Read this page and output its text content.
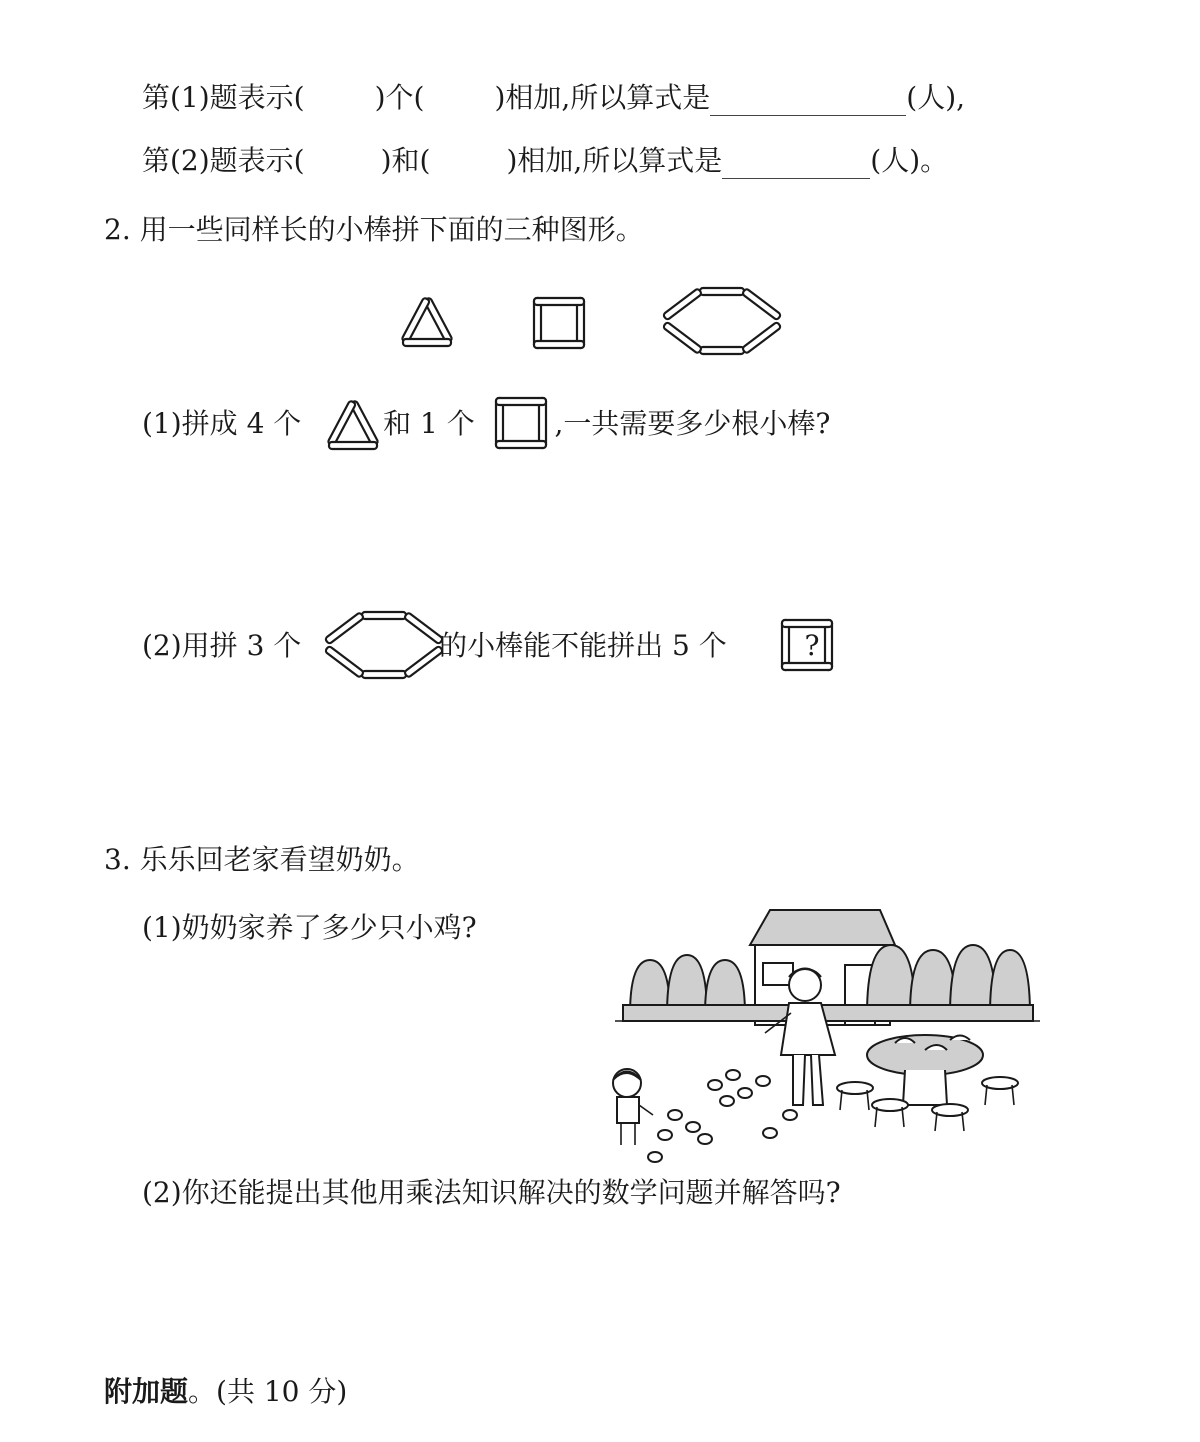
第(1)题表示(	)个(	)相加,所以算式是	(人),
第(2)题表示(	)和(	)相加,所以算式是	(人)。
2. 用一些同样长的小棒拼下面的三种图形。
(1)拼成 4 个	和 1 个	,一共需要多少根小棒?
(2)用拼 3 个	的小棒能不能拼出 5 个	?
3. 乐乐回老家看望奶奶。
(1)奶奶家养了多少只小鸡?
(2)你还能提出其他用乘法知识解决的数学问题并解答吗?
附加题。(共 10 分)
